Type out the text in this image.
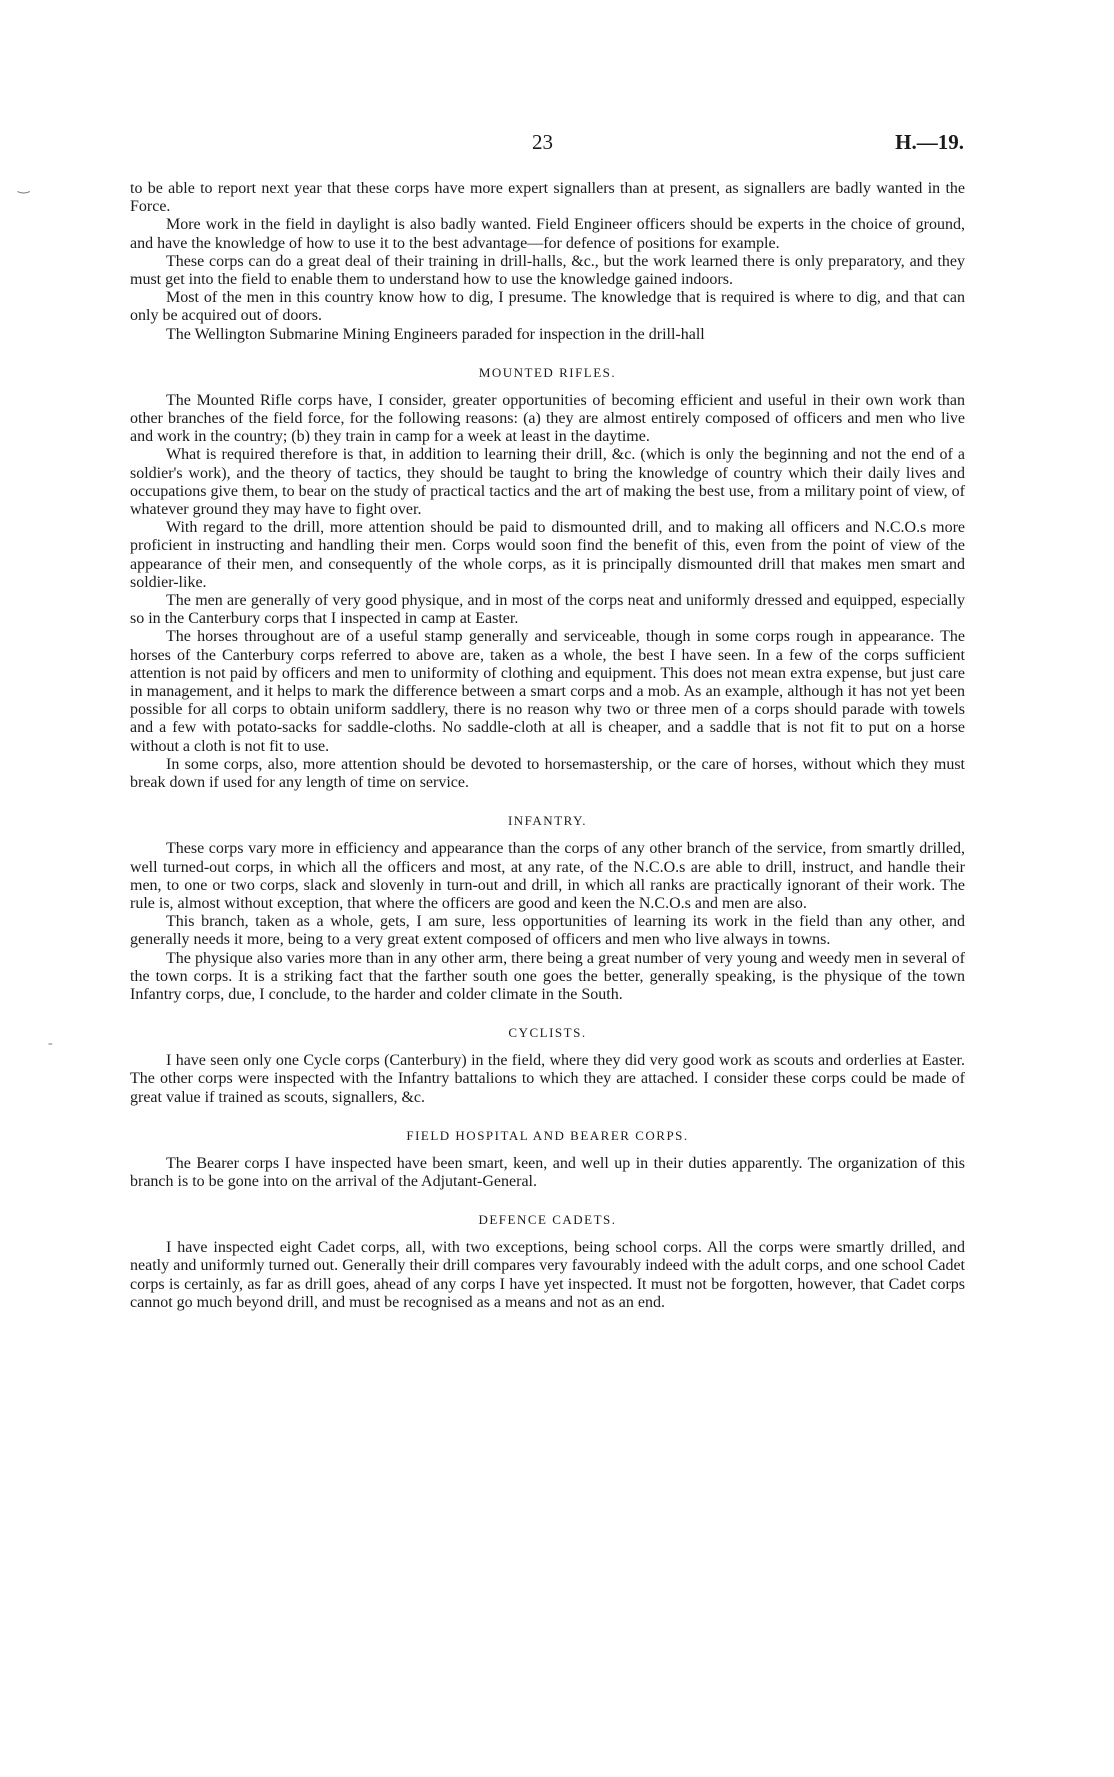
‿
‐
23	H.—19.

to be able to report next year that these corps have more expert signallers than at present, as signallers are badly wanted in the Force.

More work in the field in daylight is also badly wanted. Field Engineer officers should be experts in the choice of ground, and have the knowledge of how to use it to the best advantage—for defence of positions for example.

These corps can do a great deal of their training in drill-halls, &c., but the work learned there is only preparatory, and they must get into the field to enable them to understand how to use the knowledge gained indoors.

Most of the men in this country know how to dig, I presume. The knowledge that is required is where to dig, and that can only be acquired out of doors.

The Wellington Submarine Mining Engineers paraded for inspection in the drill-hall

MOUNTED RIFLES.

The Mounted Rifle corps have, I consider, greater opportunities of becoming efficient and useful in their own work than other branches of the field force, for the following reasons: (a) they are almost entirely composed of officers and men who live and work in the country; (b) they train in camp for a week at least in the daytime.

What is required therefore is that, in addition to learning their drill, &c. (which is only the beginning and not the end of a soldier's work), and the theory of tactics, they should be taught to bring the knowledge of country which their daily lives and occupations give them, to bear on the study of practical tactics and the art of making the best use, from a military point of view, of whatever ground they may have to fight over.

With regard to the drill, more attention should be paid to dismounted drill, and to making all officers and N.C.O.s more proficient in instructing and handling their men. Corps would soon find the benefit of this, even from the point of view of the appearance of their men, and consequently of the whole corps, as it is principally dismounted drill that makes men smart and soldier-like.

The men are generally of very good physique, and in most of the corps neat and uniformly dressed and equipped, especially so in the Canterbury corps that I inspected in camp at Easter.

The horses throughout are of a useful stamp generally and serviceable, though in some corps rough in appearance. The horses of the Canterbury corps referred to above are, taken as a whole, the best I have seen. In a few of the corps sufficient attention is not paid by officers and men to uniformity of clothing and equipment. This does not mean extra expense, but just care in management, and it helps to mark the difference between a smart corps and a mob. As an example, although it has not yet been possible for all corps to obtain uniform saddlery, there is no reason why two or three men of a corps should parade with towels and a few with potato-sacks for saddle-cloths. No saddle-cloth at all is cheaper, and a saddle that is not fit to put on a horse without a cloth is not fit to use.

In some corps, also, more attention should be devoted to horsemastership, or the care of horses, without which they must break down if used for any length of time on service.

INFANTRY.

These corps vary more in efficiency and appearance than the corps of any other branch of the service, from smartly drilled, well turned-out corps, in which all the officers and most, at any rate, of the N.C.O.s are able to drill, instruct, and handle their men, to one or two corps, slack and slovenly in turn-out and drill, in which all ranks are practically ignorant of their work. The rule is, almost without exception, that where the officers are good and keen the N.C.O.s and men are also.

This branch, taken as a whole, gets, I am sure, less opportunities of learning its work in the field than any other, and generally needs it more, being to a very great extent composed of officers and men who live always in towns.

The physique also varies more than in any other arm, there being a great number of very young and weedy men in several of the town corps. It is a striking fact that the farther south one goes the better, generally speaking, is the physique of the town Infantry corps, due, I conclude, to the harder and colder climate in the South.

CYCLISTS.

I have seen only one Cycle corps (Canterbury) in the field, where they did very good work as scouts and orderlies at Easter. The other corps were inspected with the Infantry battalions to which they are attached. I consider these corps could be made of great value if trained as scouts, signallers, &c.

FIELD HOSPITAL AND BEARER CORPS.

The Bearer corps I have inspected have been smart, keen, and well up in their duties apparently. The organization of this branch is to be gone into on the arrival of the Adjutant-General.

DEFENCE CADETS.

I have inspected eight Cadet corps, all, with two exceptions, being school corps. All the corps were smartly drilled, and neatly and uniformly turned out. Generally their drill compares very favourably indeed with the adult corps, and one school Cadet corps is certainly, as far as drill goes, ahead of any corps I have yet inspected. It must not be forgotten, however, that Cadet corps cannot go much beyond drill, and must be recognised as a means and not as an end.
